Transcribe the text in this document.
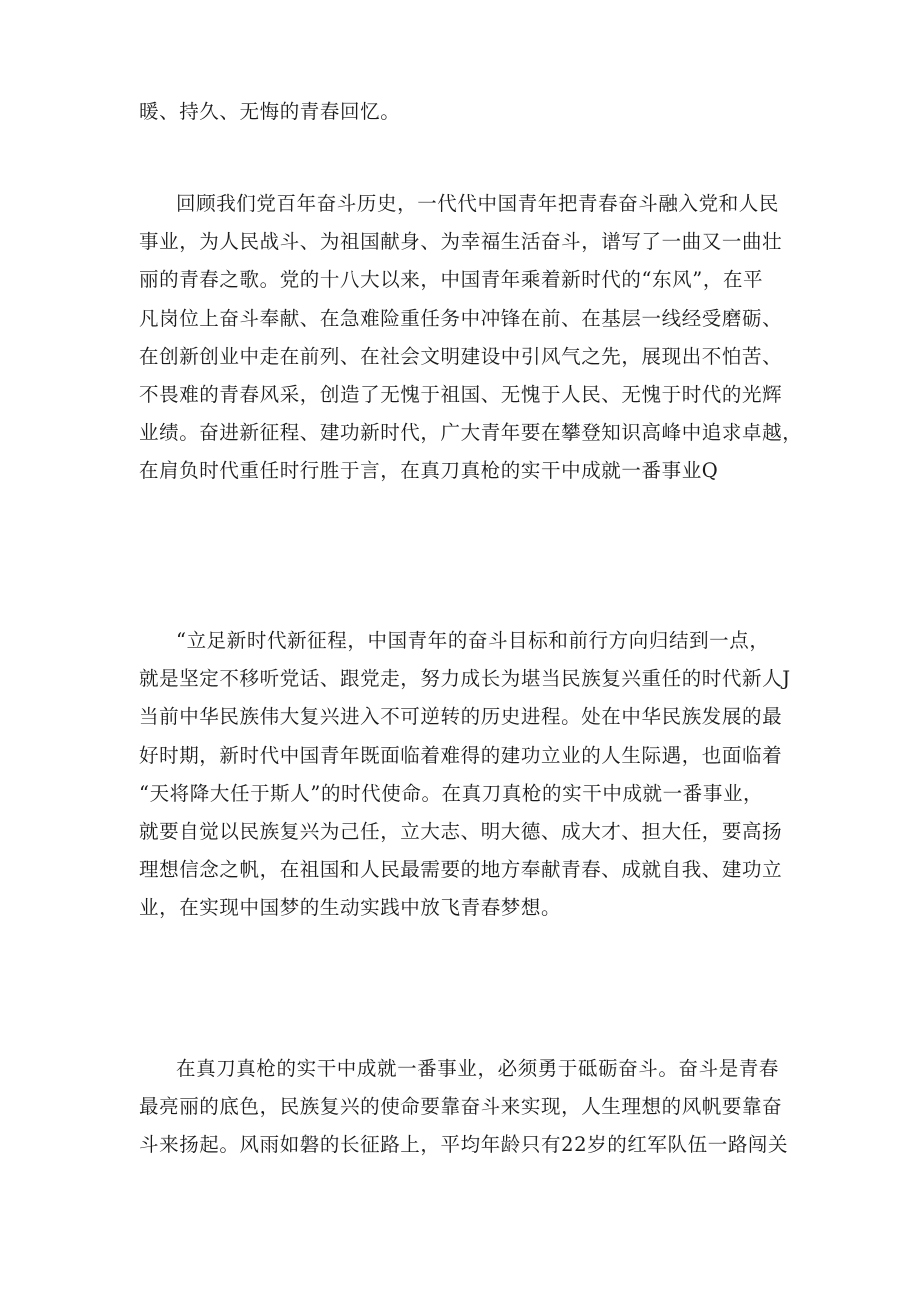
暖、持久、无悔的青春回忆。
回顾我们党百年奋斗历史，一代代中国青年把青春奋斗融入党和人民
事业，为人民战斗、为祖国献身、为幸福生活奋斗，谱写了一曲又一曲壮
丽的青春之歌。党的十八大以来，中国青年乘着新时代的“东风”，在平
凡岗位上奋斗奉献、在急难险重任务中冲锋在前、在基层一线经受磨砺、
在创新创业中走在前列、在社会文明建设中引风气之先，展现出不怕苦、
不畏难的青春风采，创造了无愧于祖国、无愧于人民、无愧于时代的光辉
业绩。奋进新征程、建功新时代，广大青年要在攀登知识高峰中追求卓越，
在肩负时代重任时行胜于言，在真刀真枪的实干中成就一番事业Q
“立足新时代新征程，中国青年的奋斗目标和前行方向归结到一点，
就是坚定不移听党话、跟党走，努力成长为堪当民族复兴重任的时代新人J
当前中华民族伟大复兴进入不可逆转的历史进程。处在中华民族发展的最
好时期，新时代中国青年既面临着难得的建功立业的人生际遇，也面临着
“天将降大任于斯人”的时代使命。在真刀真枪的实干中成就一番事业，
就要自觉以民族复兴为己任，立大志、明大德、成大才、担大任，要高扬
理想信念之帆，在祖国和人民最需要的地方奉献青春、成就自我、建功立
业，在实现中国梦的生动实践中放飞青春梦想。
在真刀真枪的实干中成就一番事业，必须勇于砥砺奋斗。奋斗是青春
最亮丽的底色，民族复兴的使命要靠奋斗来实现，人生理想的风帆要靠奋
斗来扬起。风雨如磐的长征路上，平均年龄只有22岁的红军队伍一路闯关
